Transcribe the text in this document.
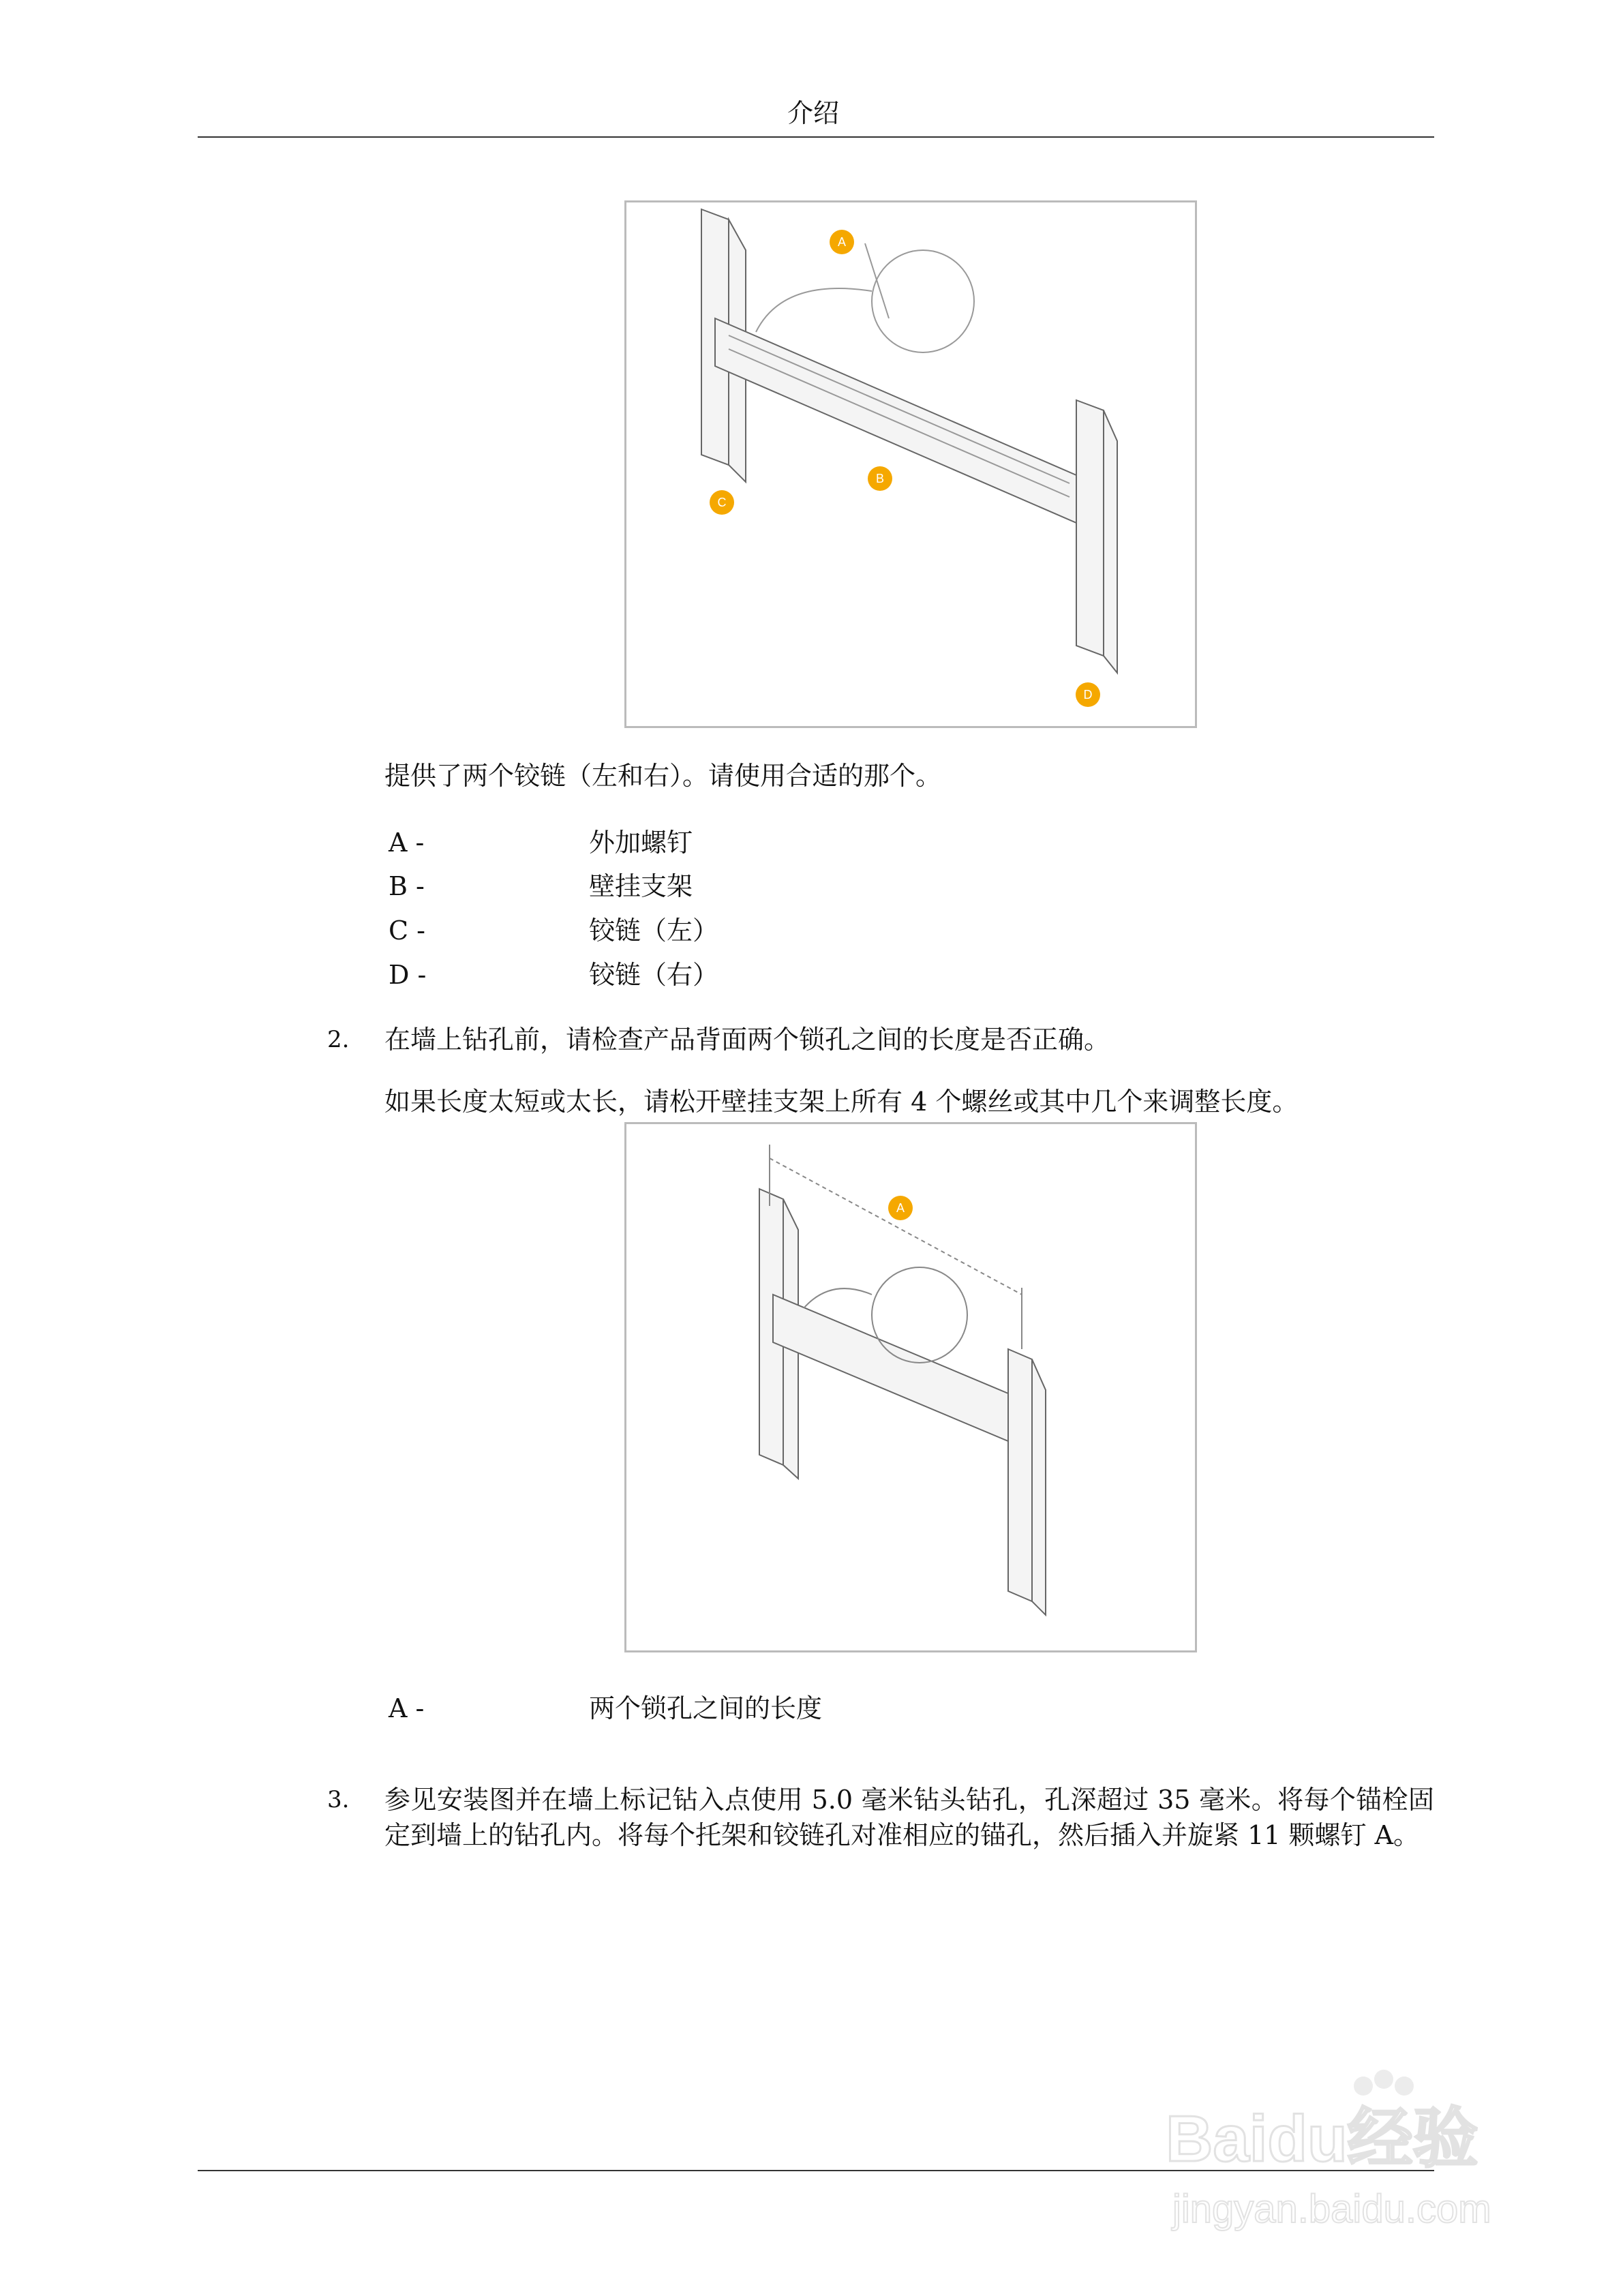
介绍
A
B
C
D
提供了两个铰链（左和右）。请使用合适的那个。
A -	外加螺钉
B -	壁挂支架
C -	铰链（左）
D -	铰链（右）
2. 在墙上钻孔前，请检查产品背面两个锁孔之间的长度是否正确。
如果长度太短或太长，请松开壁挂支架上所有 4 个螺丝或其中几个来调整长度。
A
A -	两个锁孔之间的长度
3. 参见安装图并在墙上标记钻入点使用 5.0 毫米钻头钻孔，孔深超过 35 毫米。将每个锚栓固定到墙上的钻孔内。将每个托架和铰链孔对准相应的锚孔，然后插入并旋紧 11 颗螺钉 A。
Baidu经验
jingyan.baidu.com
